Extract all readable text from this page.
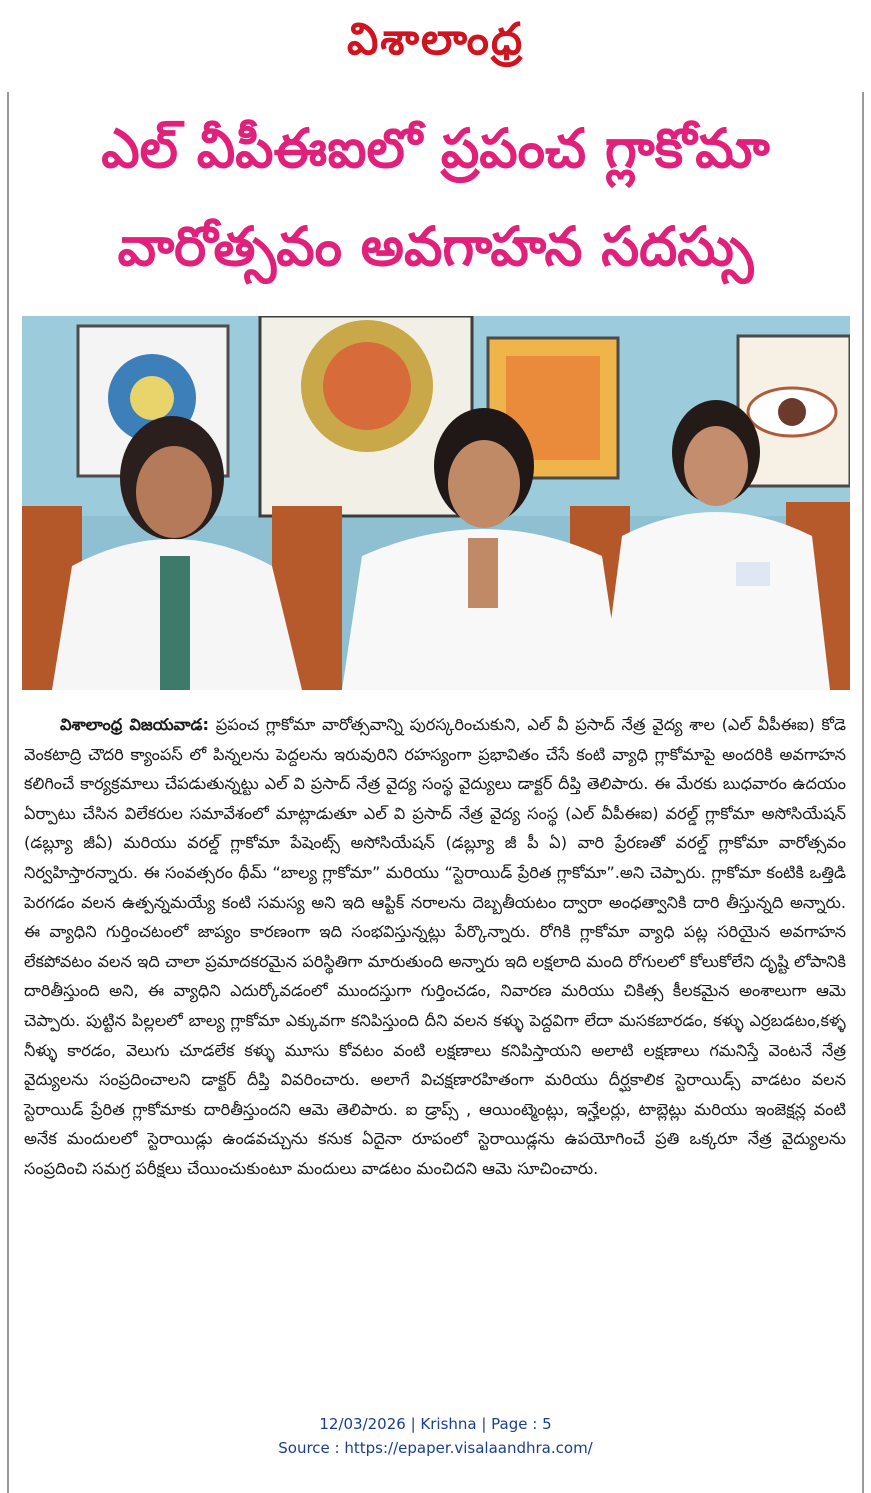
విశాలాంధ్ర
ఎల్ వీపీఈఐలో ప్రపంచ గ్లాకోమా
వారోత్సవం అవగాహన సదస్సు
విశాలాంధ్ర విజయవాడ: ప్రపంచ గ్లాకోమా వారోత్సవాన్ని పురస్కరించుకుని, ఎల్ వీ ప్రసాద్ నేత్ర వైద్య శాల (ఎల్ వీపీఈఐ) కోడె వెంకటాద్రి చౌదరి క్యాంపస్ లో పిన్నలను పెద్దలను ఇరువురిని రహస్యంగా ప్రభావితం చేసే కంటి వ్యాధి గ్లాకోమాపై అందరికి అవగాహన కలిగించే కార్యక్రమాలు చేపడుతున్నట్టు ఎల్ వి ప్రసాద్ నేత్ర వైద్య సంస్థ వైద్యులు డాక్టర్ దీప్తి తెలిపారు. ఈ మేరకు బుధవారం ఉదయం ఏర్పాటు చేసిన విలేకరుల సమావేశంలో మాట్లాడుతూ ఎల్ వి ప్రసాద్ నేత్ర వైద్య సంస్థ (ఎల్ వీపీఈఐ) వరల్డ్ గ్లాకోమా అసోసియేషన్ (డబ్ల్యూ జీఏ) మరియు వరల్డ్ గ్లాకోమా పేషెంట్స్ అసోసియేషన్ (డబ్ల్యూ జీ పీ ఏ) వారి ప్రేరణతో వరల్డ్ గ్లాకోమా వారోత్సవం నిర్వహిస్తారన్నారు. ఈ సంవత్సరం థీమ్ “బాల్య గ్లాకోమా” మరియు “స్టెరాయిడ్ ప్రేరిత గ్లాకోమా”.అని చెప్పారు. గ్లాకోమా కంటికి ఒత్తిడి పెరగడం వలన ఉత్పన్నమయ్యే కంటి సమస్య అని ఇది ఆప్టిక్ నరాలను దెబ్బతీయటం ద్వారా అంధత్వానికి దారి తీస్తున్నది అన్నారు. ఈ వ్యాధిని గుర్తించటంలో జాప్యం కారణంగా ఇది సంభవిస్తున్నట్లు పేర్కొన్నారు. రోగికి గ్లాకోమా వ్యాధి పట్ల సరియైన అవగాహన లేకపోవటం వలన ఇది చాలా ప్రమాదకరమైన పరిస్థితిగా మారుతుంది అన్నారు ఇది లక్షలాది మంది రోగులలో కోలుకోలేని దృష్టి లోపానికి దారితీస్తుంది అని, ఈ వ్యాధిని ఎదుర్కోవడంలో ముందస్తుగా గుర్తించడం, నివారణ మరియు చికిత్స కీలకమైన అంశాలుగా ఆమె చెప్పారు. పుట్టిన పిల్లలలో బాల్య గ్లాకోమా ఎక్కువగా కనిపిస్తుంది దీని వలన కళ్ళు పెద్దవిగా లేదా మసకబారడం, కళ్ళు ఎర్రబడటం,కళ్ళ నీళ్ళు కారడం, వెలుగు చూడలేక కళ్ళు మూసు కోవటం వంటి లక్షణాలు కనిపిస్తాయని అలాటి లక్షణాలు గమనిస్తే వెంటనే నేత్ర వైద్యులను సంప్రదించాలని డాక్టర్ దీప్తి వివరించారు. అలాగే విచక్షణారహితంగా మరియు దీర్ఘకాలిక స్టెరాయిడ్స్ వాడటం వలన స్టెరాయిడ్ ప్రేరిత గ్లాకోమాకు దారితీస్తుందని ఆమె తెలిపారు. ఐ డ్రాప్స్ , ఆయింట్మెంట్లు, ఇన్హేలర్లు, టాబ్లెట్లు మరియు ఇంజెక్షన్ల వంటి అనేక మందులలో స్టెరాయిడ్లు ఉండవచ్చును కనుక ఏదైనా రూపంలో స్టెరాయిడ్లను ఉపయోగించే ప్రతి ఒక్కరూ నేత్ర వైద్యులను సంప్రదించి సమగ్ర పరీక్షలు చేయించుకుంటూ మందులు వాడటం మంచిదని ఆమె సూచించారు.
12/03/2026 | Krishna | Page : 5
Source : https://epaper.visalaandhra.com/
